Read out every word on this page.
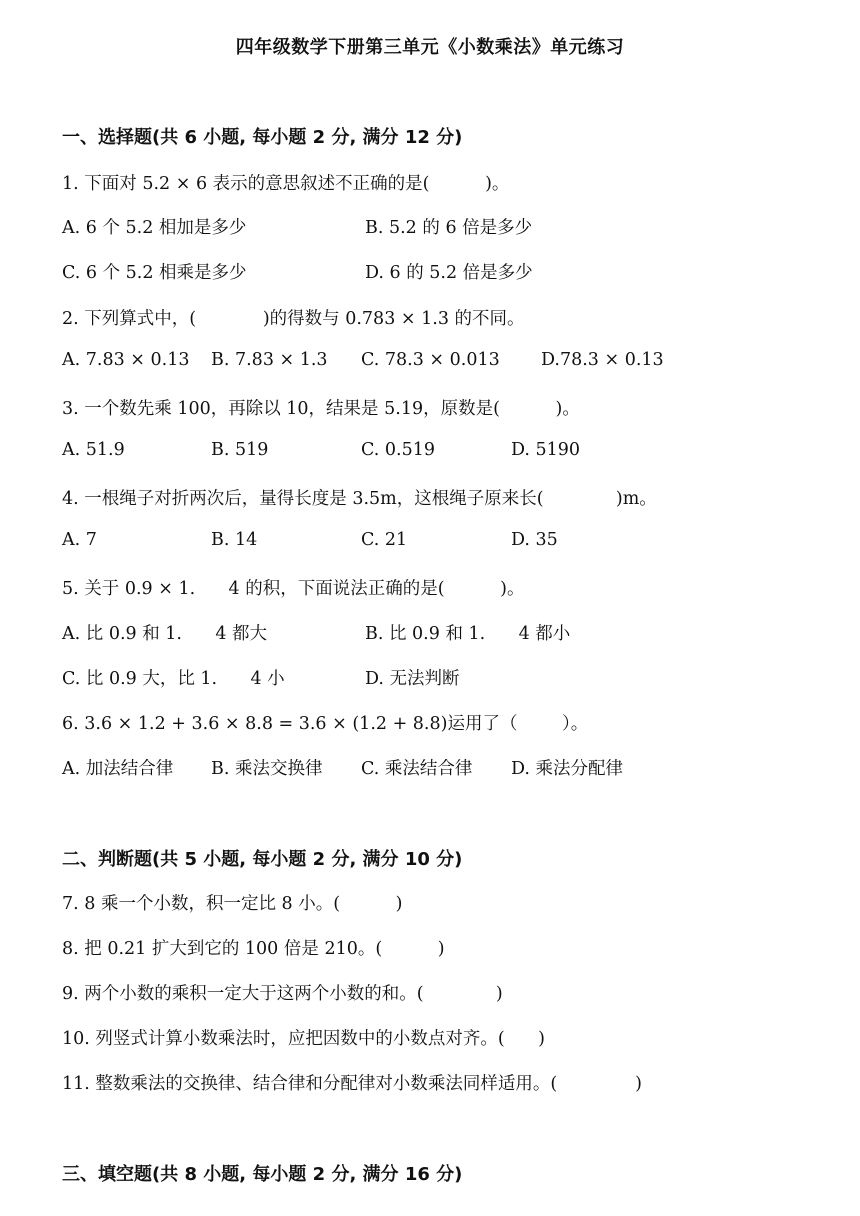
四年级数学下册第三单元《小数乘法》单元练习
一、选择题(共 6 小题, 每小题 2 分, 满分 12 分)
1. 下面对 5.2 × 6 表示的意思叙述不正确的是(          )。
A. 6 个 5.2 相加是多少	B. 5.2 的 6 倍是多少
C. 6 个 5.2 相乘是多少	D. 6 的 5.2 倍是多少
2. 下列算式中，(            )的得数与 0.783 × 1.3 的不同。
A. 7.83 × 0.13 B. 7.83 × 1.3 C. 78.3 × 0.013 D.78.3 × 0.13
3. 一个数先乘 100，再除以 10，结果是 5.19，原数是(          )。
A. 51.9	B. 519	C. 0.519	D. 5190
4. 一根绳子对折两次后，量得长度是 3.5m，这根绳子原来长(             )m。
A. 7	B. 14	C. 21	D. 35
5. 关于 0.9 × 1.      4 的积，下面说法正确的是(          )。
A. 比 0.9 和 1.      4 都大	B. 比 0.9 和 1.      4 都小
C. 比 0.9 大，比 1.      4 小	D. 无法判断
6. 3.6 × 1.2 + 3.6 × 8.8 = 3.6 × (1.2 + 8.8)运用了（        ）。
A. 加法结合律 B. 乘法交换律 C. 乘法结合律 D. 乘法分配律
二、判断题(共 5 小题, 每小题 2 分, 满分 10 分)
7. 8 乘一个小数，积一定比 8 小。(          )
8. 把 0.21 扩大到它的 100 倍是 210。(          )
9. 两个小数的乘积一定大于这两个小数的和。(             )
10. 列竖式计算小数乘法时，应把因数中的小数点对齐。(      )
11. 整数乘法的交换律、结合律和分配律对小数乘法同样适用。(              )
三、填空题(共 8 小题, 每小题 2 分, 满分 16 分)
